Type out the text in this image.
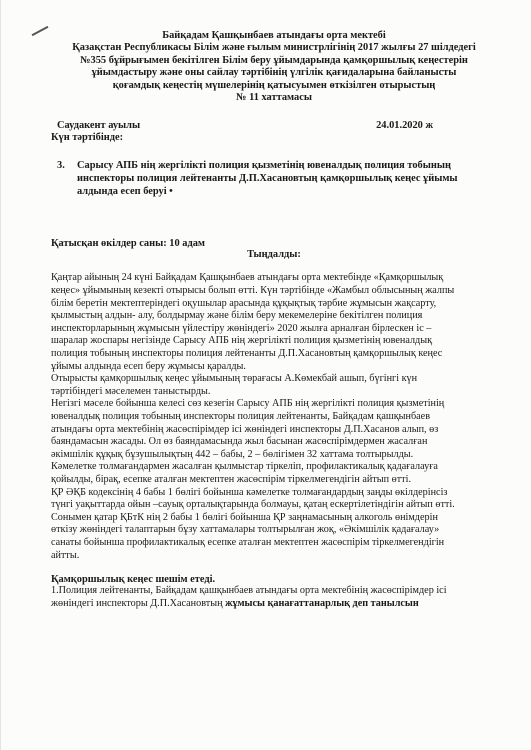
Байқадам Қашқынбаев атындағы орта мектебі
Қазақстан Республикасы Білім және ғылым министрлігінің 2017 жылғы 27 шілдедегі
№355 бұйрығымен бекітілген Білім беру ұйымдарында қамқоршылық кеңестерін
ұйымдастыру және оны сайлау тәртібінің үлгілік қағидаларына байланысты
қоғамдық кеңестің мүшелерінің қатысуымен өткізілген отырыстың
№ 11 хаттамасы
Саудакент ауылы	24.01.2020 ж
Күн тәртібінде:
3.	Сарысу АПБ нің жергілікті полиция қызметінің ювеналдық полиция тобының
инспекторы полиция лейтенанты Д.П.Хасановтың қамқоршылық кеңес ұйымы
алдында есеп беруі •
Қатысқан өкілдер саны: 10 адам
Тыңдалды:
Қаңтар айының 24 күні Байқадам Қашқынбаев атындағы орта мектебінде «Қамқоршылық
кеңес» ұйымының кезекті отырысы болып өтті. Күн тәртібінде «Жамбыл облысының жалпы
білім беретін мектептеріндегі оқушылар арасында құқықтық тәрбие жұмысын жақсарту,
қылмыстың алдын- алу, болдырмау және білім беру мекемелеріне бекітілген полиция
инспекторларының жұмысын үйлестіру жөніндегі» 2020 жылға арналған бірлескен іс –
шаралар жоспары негізінде Сарысу АПБ нің жергілікті полиция қызметінің ювеналдық
полиция тобының инспекторы полиция лейтенанты Д.П.Хасановтың қамқоршылық кеңес
ұйымы алдында есеп беру жұмысы қаралды.
Отырысты қамқоршылық кеңес ұйымының төрағасы А.Көмекбай ашып, бүгінгі күн
тәртібіндегі мәселемен таныстырды.
Негізгі мәселе бойынша келесі сөз кезегін Сарысу АПБ нің жергілікті полиция қызметінің
ювеналдық полиция тобының инспекторы полиция лейтенанты, Байқадам қашқынбаев
атындағы орта мектебінің жасөспірімдер ісі жөніндегі инспекторы Д.П.Хасанов алып, өз
баяндамасын жасады. Ол өз баяндамасында жыл басынан жасөспірімдермен жасалған
әкімшілік құқық бұзушылықтың 442 – бабы, 2 – бөлігімен 32 хаттама толтырылды.
Кәмелетке толмағандармен жасалған қылмыстар тіркеліп, профилактикалық қадағалауға
қойылды, бірақ, есепке аталған мектептен жасөспірім тіркелмегендігін айтып өтті.
ҚР ӘҚБ кодексінің 4 бабы 1 бөлігі бойынша кәмелетке толмағандардың заңды өкілдерінсіз
түнгі уақыттарда ойын –сауық орталықтарында болмауы, қатаң ескертілетіндігін айтып өтті.
Сонымен қатар ҚБтК нің 2 бабы 1 бөлігі бойынша ҚР заңнамасының алкоголь өнімдерін
өткізу жөніндегі талаптарын бұзу хаттамалары толтырылған жоқ, «Әкімшілік қадағалау»
санаты бойынша профилактикалық есепке аталған мектептен жасөспірім тіркелмегендігін
айтты.
Қамқоршылық кеңес шешім етеді.
1.Полиция лейтенанты, Байқадам қашқынбаев атындағы орта мектебінің жасөспірімдер ісі
жөніндегі инспекторы Д.П.Хасановтың жұмысы қанағаттанарлық деп танылсын
